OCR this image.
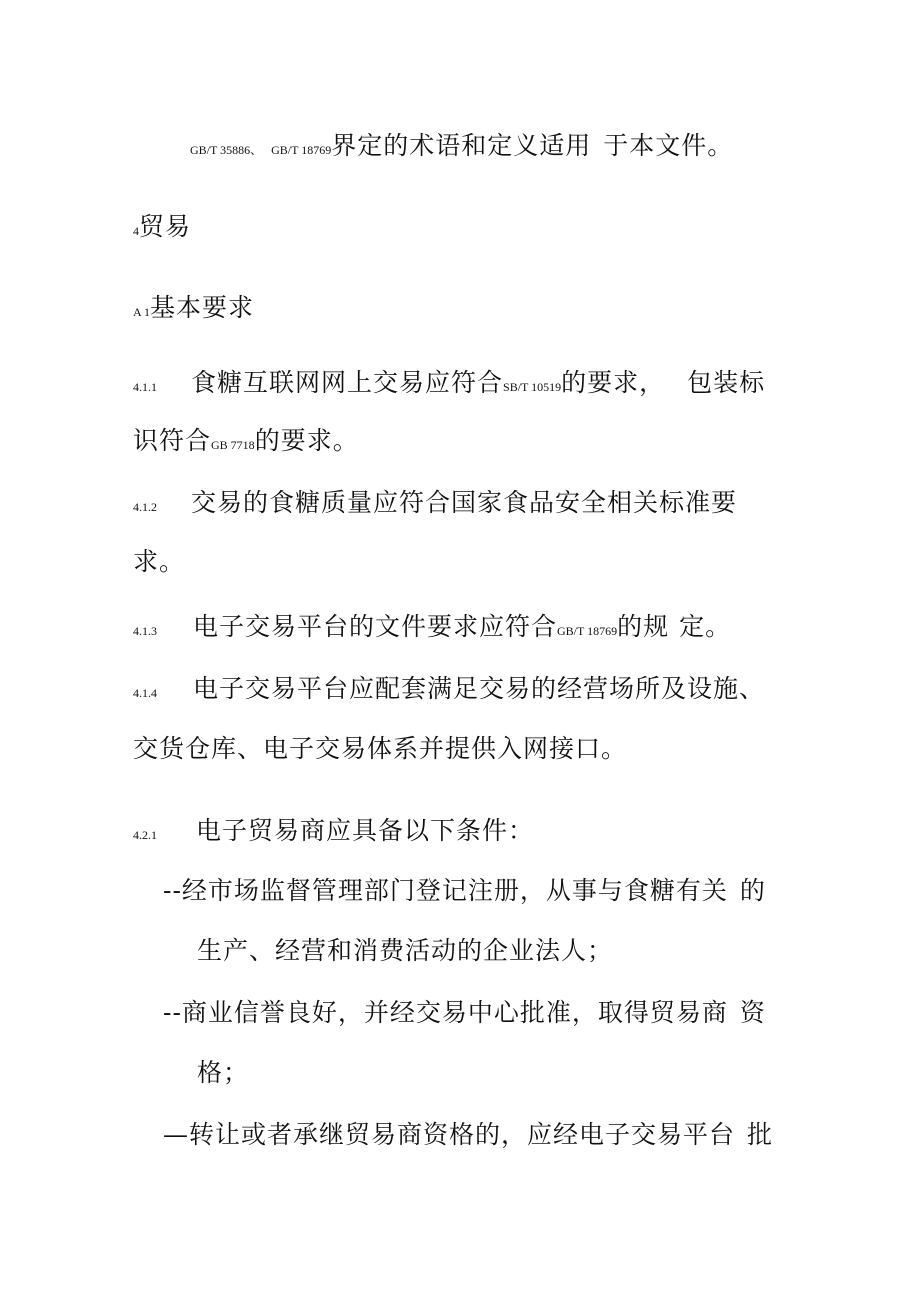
GB/T 35886、 GB/T 18769界定的术语和定义适用 于本文件。
4贸易
A 1基本要求
4.1.1 食糖互联网网上交易应符合SB/T 10519的要求， 包装标
识符合GB 7718的要求。
4.1.2 交易的食糖质量应符合国家食品安全相关标准要
求。
4.1.3 电子交易平台的文件要求应符合GB/T 18769的规 定。
4.1.4 电子交易平台应配套满足交易的经营场所及设施、
交货仓库、电子交易体系并提供入网接口。
4.2.1 电子贸易商应具备以下条件：
--经市场监督管理部门登记注册，从事与食糖有关 的
生产、经营和消费活动的企业法人；
--商业信誉良好，并经交易中心批准，取得贸易商 资
格；
—转让或者承继贸易商资格的，应经电子交易平台 批
